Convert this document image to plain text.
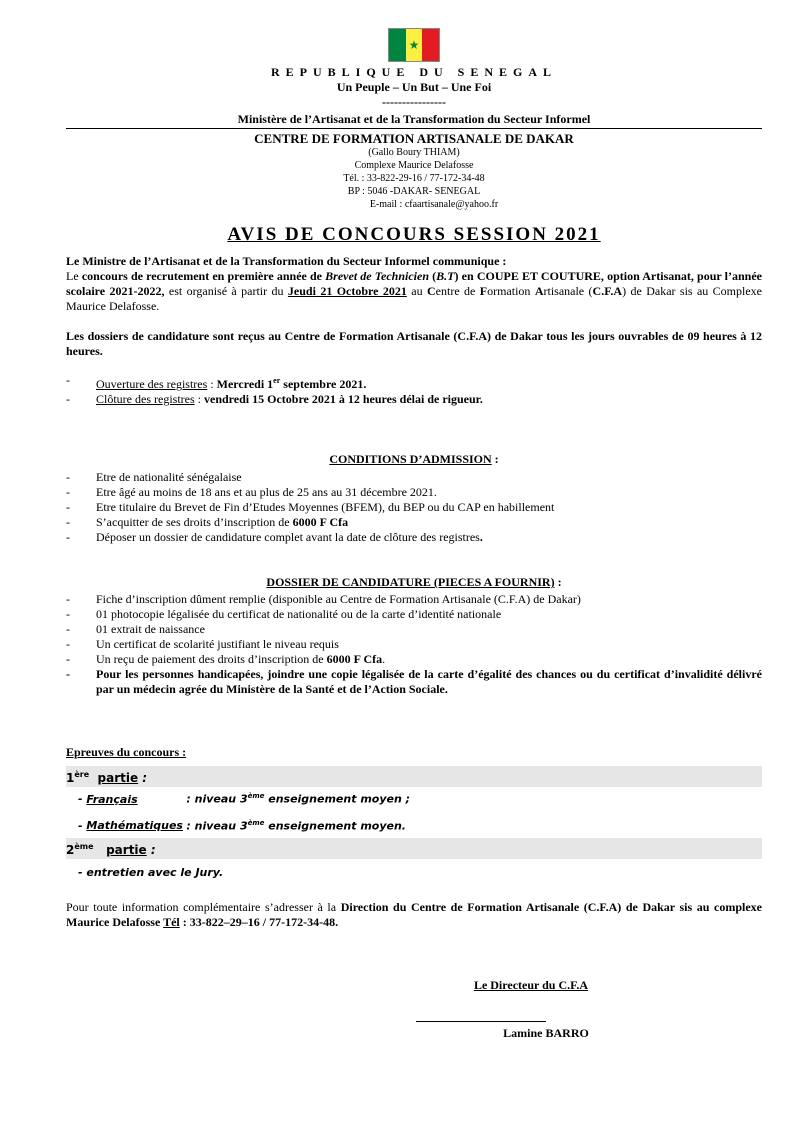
★
REPUBLIQUE DU SENEGAL
Un Peuple – Un But – Une Foi
----------------
Ministère de l’Artisanat et de la Transformation du Secteur Informel
CENTRE DE FORMATION ARTISANALE DE DAKAR
(Gallo Boury THIAM)
Complexe Maurice Delafosse
Tél. : 33-822-29-16 / 77-172-34-48
BP : 5046 -DAKAR- SENEGAL
E-mail : cfaartisanale@yahoo.fr
AVIS DE CONCOURS SESSION 2021

Le Ministre de l’Artisanat et de la Transformation du Secteur Informel communique :

Le concours de recrutement en première année de Brevet de Technicien (B.T) en COUPE ET COUTURE, option Artisanat, pour l’année scolaire 2021-2022, est organisé à partir du Jeudi 21 Octobre 2021 au Centre de Formation Artisanale (C.F.A) de Dakar sis au Complexe Maurice Delafosse.

Les dossiers de candidature sont reçus au Centre de Formation Artisanale (C.F.A) de Dakar tous les jours ouvrables de 09 heures à 12 heures.

- Ouverture des registres : Mercredi 1er septembre 2021.
- Clôture des registres : vendredi 15 Octobre 2021 à 12 heures délai de rigueur.
CONDITIONS D’ADMISSION :
- Etre de nationalité sénégalaise
- Etre âgé au moins de 18 ans et au plus de 25 ans au 31 décembre 2021.
- Etre titulaire du Brevet de Fin d’Etudes Moyennes (BFEM), du BEP ou du CAP en habillement
- S’acquitter de ses droits d’inscription de 6000 F Cfa
- Déposer un dossier de candidature complet avant la date de clôture des registres.
DOSSIER DE CANDIDATURE (PIECES A FOURNIR) :
- Fiche d’inscription dûment remplie (disponible au Centre de Formation Artisanale (C.F.A) de Dakar)
- 01 photocopie légalisée du certificat de nationalité ou de la carte d’identité nationale
- 01 extrait de naissance
- Un certificat de scolarité justifiant le niveau requis
- Un reçu de paiement des droits d’inscription de 6000 F Cfa.
- Pour les personnes handicapées, joindre une copie légalisée de la carte d’égalité des chances ou du certificat d’invalidité délivré par un médecin agrée du Ministère de la Santé et de l’Action Sociale.
Epreuves du concours :
1ère partie :
- Français	: niveau 3ème enseignement moyen ;
- Mathématiques : niveau 3ème enseignement moyen.
2ème partie :
- entretien avec le Jury.

Pour toute information complémentaire s’adresser à la Direction du Centre de Formation Artisanale (C.F.A) de Dakar sis au complexe Maurice Delafosse Tél : 33-822–29–16 / 77-172-34-48.

Le Directeur du C.F.A
Lamine BARRO
